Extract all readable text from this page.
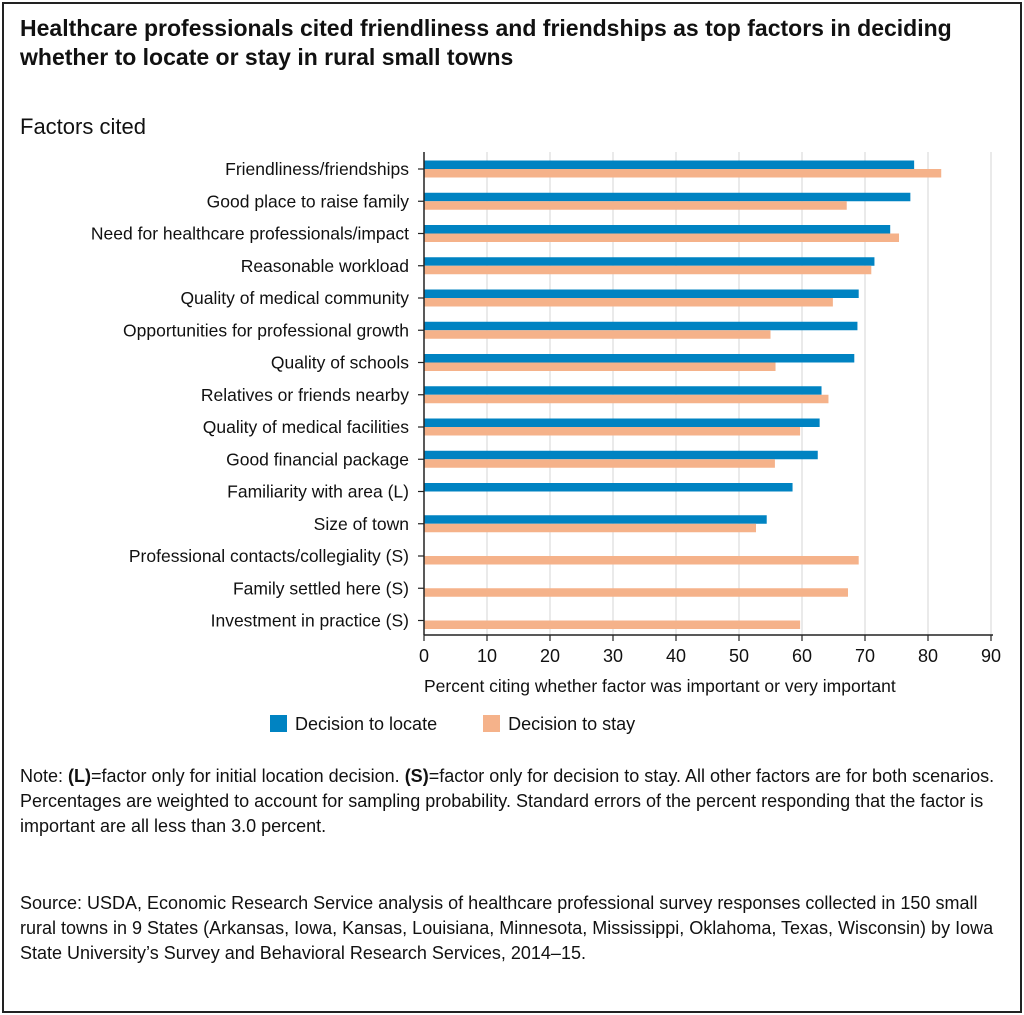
Healthcare professionals cited friendliness and friendships as top factors in deciding whether to locate or stay in rural small towns
Factors cited
0	10 20 30 40 50 60 70 80 90
Friendliness/friendships
Good place to raise family
Need for healthcare professionals/impact
Reasonable workload
Quality of medical community
Opportunities for professional growth
Quality of schools
Relatives or friends nearby
Quality of medical facilities
Good financial package
Familiarity with area (L)
Size of town
Professional contacts/collegiality (S)
Family settled here (S)
Investment in practice (S)
Percent citing whether factor was important or very important
Decision to locate	Decision to stay
Note: (L)=factor only for initial location decision. (S)=factor only for decision to stay. All other factors are for both scenarios. Percentages are weighted to account for sampling probability. Standard errors of the percent responding that the factor is important are all less than 3.0 percent.
Source: USDA, Economic Research Service analysis of healthcare professional survey responses collected in 150 small rural towns in 9 States (Arkansas, Iowa, Kansas, Louisiana, Minnesota, Mississippi, Oklahoma, Texas, Wisconsin) by Iowa State University’s Survey and Behavioral Research Services, 2014–15.
